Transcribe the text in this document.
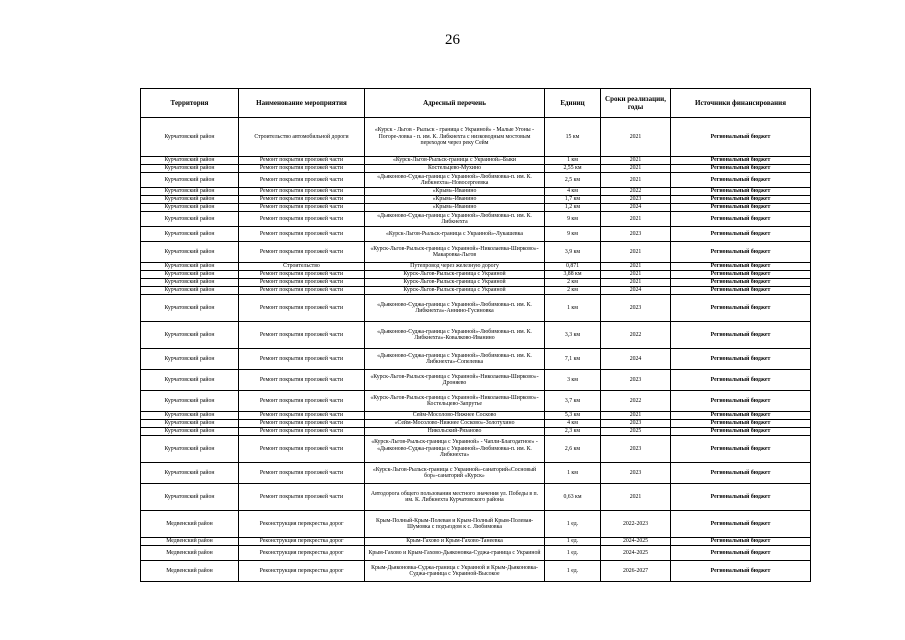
26
Территория	Наименование мероприятия	Адресный перечень	Единиц	Сроки реализации, годы	Источники финансирования
Курчатовский район	Строительство автомобильной дороги	«Курск - Льгов - Рыльск - граница с Украиной» - Малые Угоны - Погоре-ловка - п. им. К. Либкнехта с низководным мостовым переходом через реку Сейм	15 км	2021	Региональный бюджет
Курчатовский район	Ремонт покрытия проезжей части	«Курск-Льгов-Рыльск-граница с Украиной»-Быки	1 км	2021	Региональный бюджет
Курчатовский район	Ремонт покрытия проезжей части	Костельцево-Мухино	2,55 км	2021	Региональный бюджет
Курчатовский район	Ремонт покрытия проезжей части	«Дьяконово-Суджа-граница с Украиной»-Любимовка-п. им. К. Либкнехта»-Новосергеевка	2,5 км	2021	Региональный бюджет
Курчатовский район	Ремонт покрытия проезжей части	«Крым»-Иванино	4 км	2022	Региональный бюджет
Курчатовский район	Ремонт покрытия проезжей части	«Крым»-Иванино	1,7 км	2023	Региональный бюджет
Курчатовский район	Ремонт покрытия проезжей части	«Крым»-Иванино	1,2 км	2024	Региональный бюджет
Курчатовский район	Ремонт покрытия проезжей части	«Дьяконово-Суджа-граница с Украиной»-Любимовка-п. им. К. Либкнехта	9 км	2021	Региональный бюджет
Курчатовский район	Ремонт покрытия проезжей части	«Курск-Льгов-Рыльск-граница с Украиной»-Лукашевка	9 км	2023	Региональный бюджет
Курчатовский район	Ремонт покрытия проезжей части	«Курск-Льгов-Рыльск-граница с Украиной»-Николаевка-Ширково»-Макаровка-Льгов	3,9 км	2021	Региональный бюджет
Курчатовский район	Строительство	Путепровод через железную дорогу	0,871	2021	Региональный бюджет
Курчатовский район	Ремонт покрытия проезжей части	Курск-Льгов-Рыльск-граница с Украиной	3,88 км	2021	Региональный бюджет
Курчатовский район	Ремонт покрытия проезжей части	Курск-Льгов-Рыльск-граница с Украиной	2 км	2021	Региональный бюджет
Курчатовский район	Ремонт покрытия проезжей части	Курск-Льгов-Рыльск-граница с Украиной	2 км	2024	Региональный бюджет
Курчатовский район	Ремонт покрытия проезжей части	«Дьяконово-Суджа-граница с Украиной»-Любимовка-п. им. К. Либкнехта»-Аннино-Гусиновка	1 км	2023	Региональный бюджет
Курчатовский район	Ремонт покрытия проезжей части	«Дьяконово-Суджа-граница с Украиной»-Любимовка-п. им. К. Либкнехта»-Ковалково-Иванино	3,3 км	2022	Региональный бюджет
Курчатовский район	Ремонт покрытия проезжей части	«Дьяконово-Суджа-граница с Украиной»-Любимовка-п. им. К. Либкнехта»-Сопелевка	7,1 км	2024	Региональный бюджет
Курчатовский район	Ремонт покрытия проезжей части	«Курск-Льгов-Рыльск-граница с Украиной»-Николаевка-Ширково»-Дроняево	3 км	2023	Региональный бюджет
Курчатовский район	Ремонт покрытия проезжей части	«Курск-Льгов-Рыльск-граница с Украиной»-Николаевка-Ширково»-Костельцево-Запрутье	3,7 км	2022	Региональный бюджет
Курчатовский район	Ремонт покрытия проезжей части	Сейм-Мосолово-Нижнее Сосково	5,3 км	2021	Региональный бюджет
Курчатовский район	Ремонт покрытия проезжей части	«Сейм-Мосолово-Нижнее Сосково»-Золотухино	4 км	2023	Региональный бюджет
Курчатовский район	Ремонт покрытия проезжей части	Никольский-Рязаново	2,3 км	2025	Региональный бюджет
Курчатовский район	Ремонт покрытия проезжей части	«Курск-Льгов-Рыльск-граница с Украиной» - Чапли-Благодатное» - «Дьяконово-Суджа-граница с Украиной»-Любимовка-п. им. К. Либкнехта»	2,6 км	2023	Региональный бюджет
Курчатовский район	Ремонт покрытия проезжей части	«Курск-Льгов-Рыльск-граница с Украиной»-санаторий«Сосновый бор»-санаторий «Курск»	1 км	2023	Региональный бюджет
Курчатовский район	Ремонт покрытия проезжей части	Автодорога общего пользования местного значения ул. Победы в п. им. К. Либкнехта Курчатовского района	0,63 км	2021	Региональный бюджет
Медвенский район	Реконструкция перекрестка дорог	Крым-Полный-Крым-Полевая и Крым-Полный Крым-Полевая-Шумовка с подъездом к с. Любимовка	1 ед.	2022-2023	Региональный бюджет
Медвенский район	Реконструкция перекрестка дорог	Крым-Гахово и Крым-Гахово-Танеевка	1 ед.	2024-2025	Региональный бюджет
Медвенский район	Реконструкция перекрестка дорог	Крым-Гахово и Крым-Гахово-Дьяконовка-Суджа-граница с Украиной	1 ед.	2024-2025	Региональный бюджет
Медвенский район	Реконструкция перекрестка дорог	Крым-Дьяконовка-Суджа-граница с Украиной и Крым-Дьяконовка-Суджа-граница с Украиной-Высокое	1 ед.	2026-2027	Региональный бюджет
